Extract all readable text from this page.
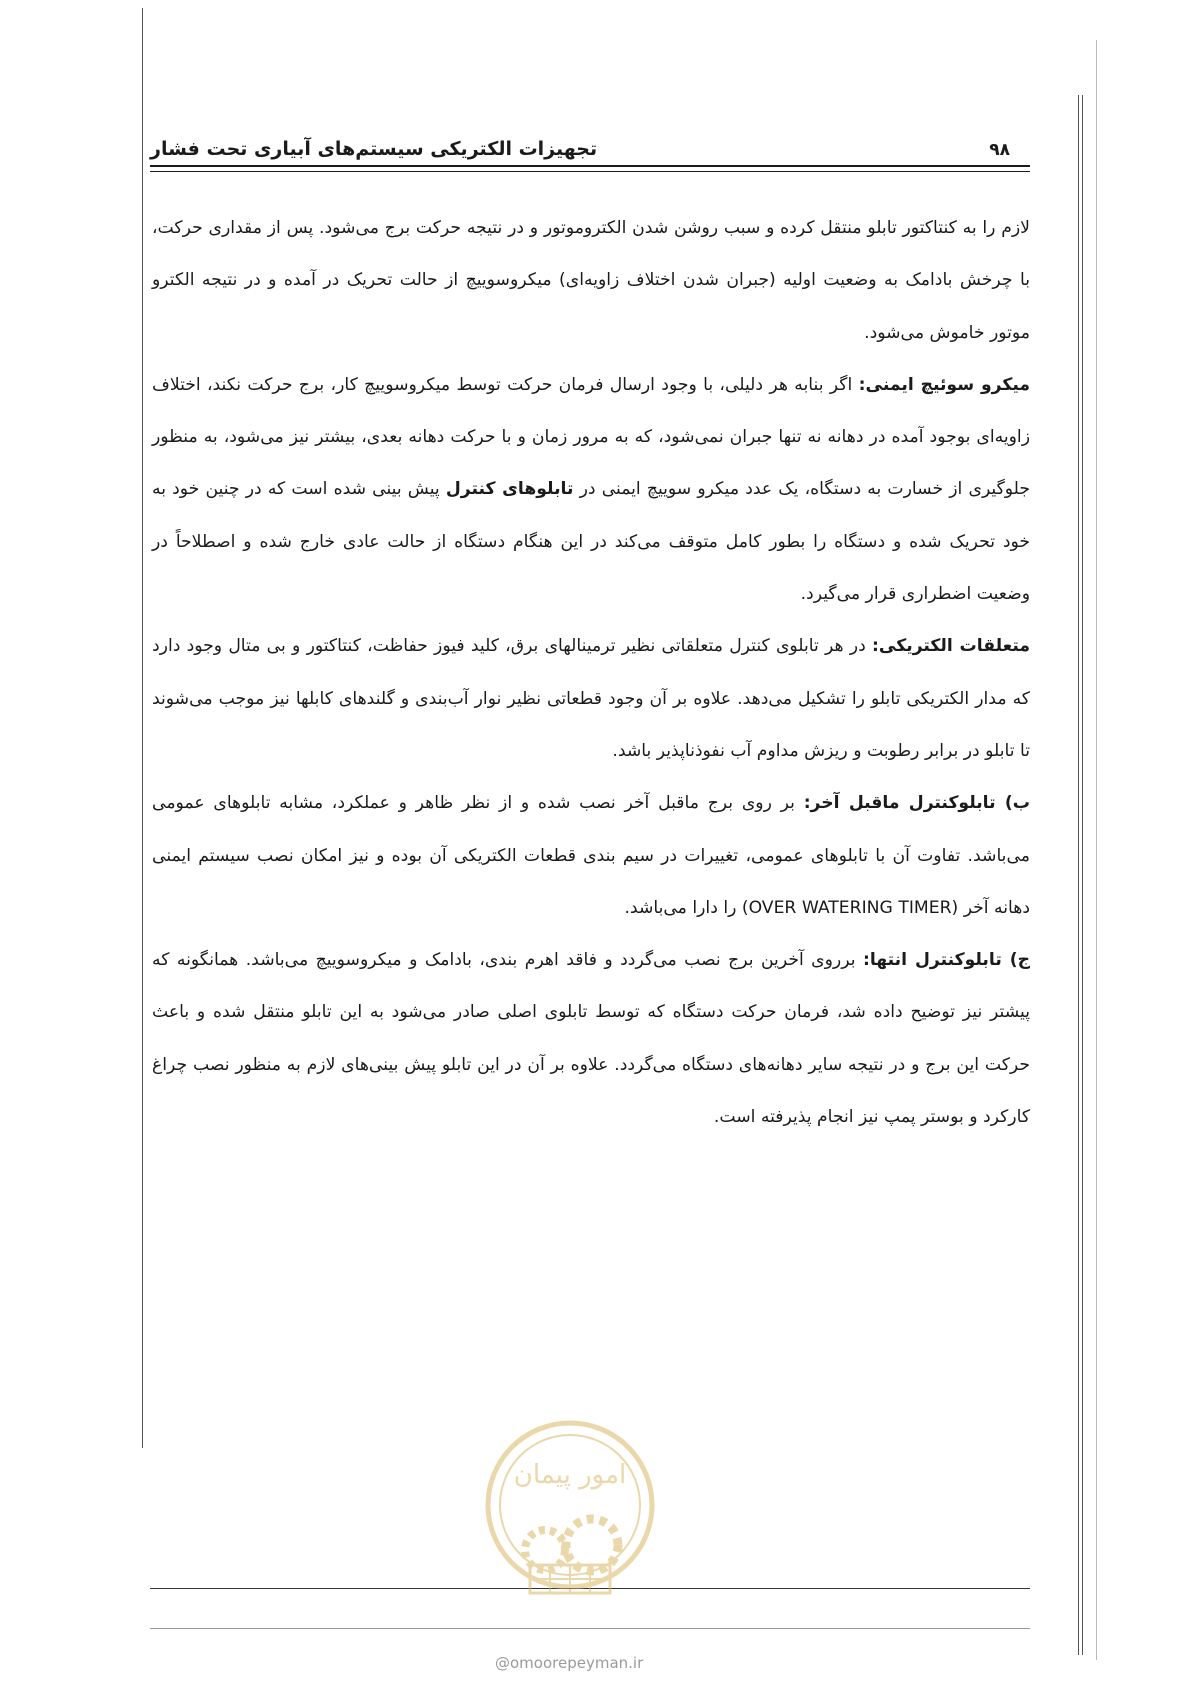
تجهیزات الکتریکی سیستم‌های آبیاری تحت فشار	۹۸

لازم را به کنتاکتور تابلو منتقل کرده و سبب روشن شدن الکتروموتور و در نتیجه حرکت برج می‌شود. پس از مقداری حرکت، با چرخش بادامک به وضعیت اولیه (جبران شدن اختلاف زاویه‌ای) میکروسوییچ از حالت تحریک در آمده و در نتیجه الکترو موتور خاموش می‌شود.

میکرو سوئیچ ایمنی: اگر بنابه هر دلیلی، با وجود ارسال فرمان حرکت توسط میکروسوییچ کار، برج حرکت نکند، اختلاف زاویه‌ای بوجود آمده در دهانه نه تنها جبران نمی‌شود، که به مرور زمان و با حرکت دهانه بعدی، بیشتر نیز می‌شود، به منظور جلوگیری از خسارت به دستگاه، یک عدد میکرو سوییچ ایمنی در تابلوهای کنترل پیش بینی شده است که در چنین خود به خود تحریک شده و دستگاه را بطور کامل متوقف می‌کند در این هنگام دستگاه از حالت عادی خارج شده و اصطلاحاً در وضعیت اضطراری قرار می‌گیرد.

متعلقات الکتریکی: در هر تابلوی کنترل متعلقاتی نظیر ترمینالهای برق، کلید فیوز حفاظت، کنتاکتور و بی متال وجود دارد که مدار الکتریکی تابلو را تشکیل می‌دهد. علاوه بر آن وجود قطعاتی نظیر نوار آب‌بندی و گلندهای کابلها نیز موجب می‌شوند تا تابلو در برابر رطوبت و ریزش مداوم آب نفوذناپذیر باشد.

ب) تابلوکنترل ماقبل آخر: بر روی برج ماقبل آخر نصب شده و از نظر ظاهر و عملکرد، مشابه تابلوهای عمومی می‌باشد. تفاوت آن با تابلوهای عمومی، تغییرات در سیم بندی قطعات الکتریکی آن بوده و نیز امکان نصب سیستم ایمنی دهانه آخر (OVER WATERING TIMER) را دارا می‌باشد.

ج) تابلوکنترل انتها: برروی آخرین برج نصب می‌گردد و فاقد اهرم بندی، بادامک و میکروسوییچ می‌باشد. همانگونه که پیشتر نیز توضیح داده شد، فرمان حرکت دستگاه که توسط تابلوی اصلی صادر می‌شود به این تابلو منتقل شده و باعث حرکت این برج و در نتیجه سایر دهانه‌های دستگاه می‌گردد. علاوه بر آن در این تابلو پیش بینی‌های لازم به منظور نصب چراغ کارکرد و بوستر پمپ نیز انجام پذیرفته است.

امور پیمان
@omoorepeyman.ir
